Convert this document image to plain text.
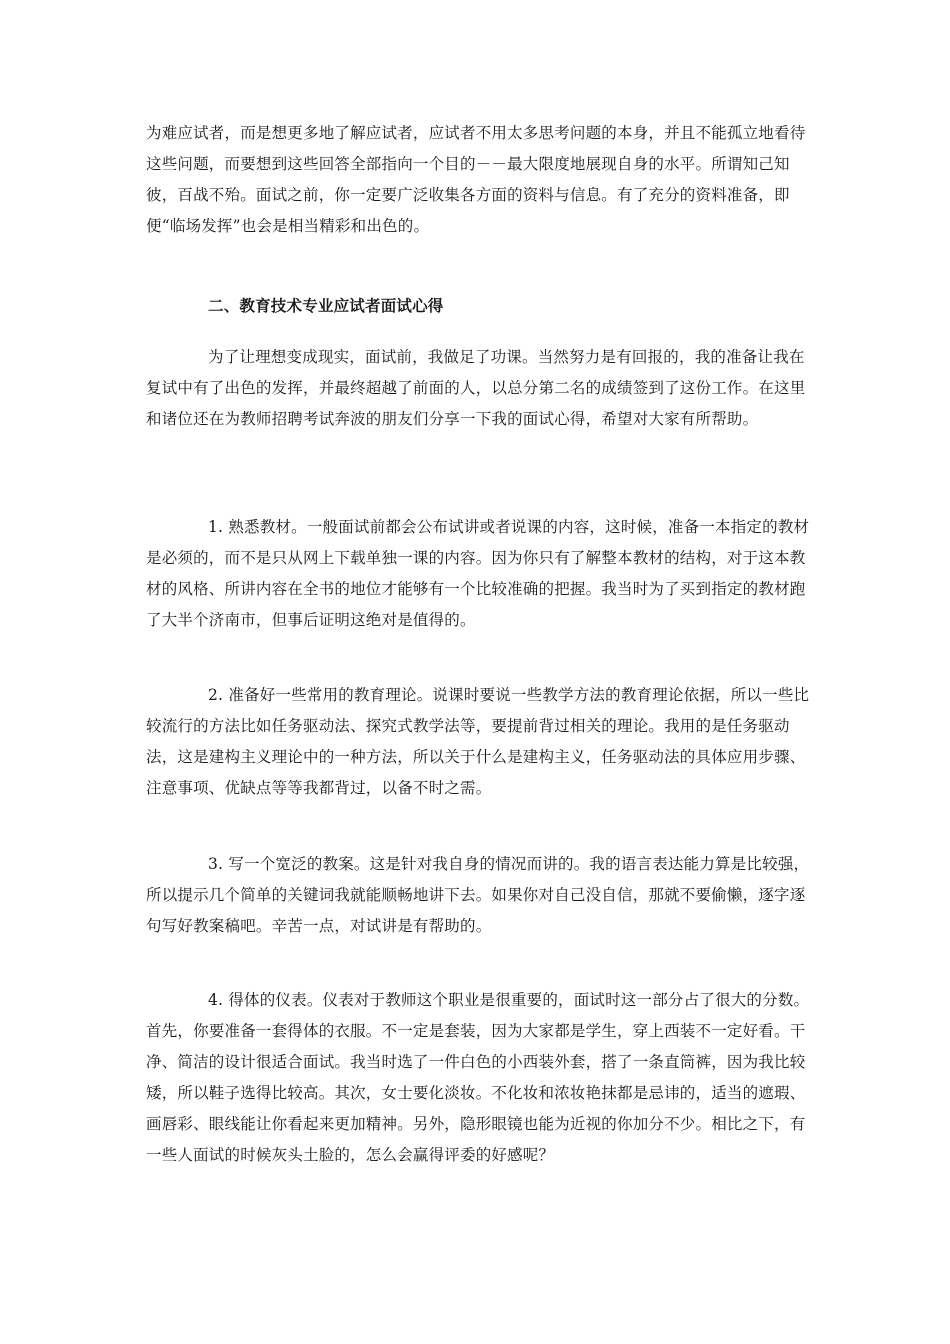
为难应试者，而是想更多地了解应试者，应试者不用太多思考问题的本身，并且不能孤立地看待这些问题，而要想到这些回答全部指向一个目的－－最大限度地展现自身的水平。所谓知己知彼，百战不殆。面试之前，你一定要广泛收集各方面的资料与信息。有了充分的资料准备，即便“临场发挥”也会是相当精彩和出色的。

二、教育技术专业应试者面试心得

为了让理想变成现实，面试前，我做足了功课。当然努力是有回报的，我的准备让我在复试中有了出色的发挥，并最终超越了前面的人，以总分第二名的成绩签到了这份工作。在这里和诸位还在为教师招聘考试奔波的朋友们分享一下我的面试心得，希望对大家有所帮助。

1. 熟悉教材。一般面试前都会公布试讲或者说课的内容，这时候，准备一本指定的教材是必须的，而不是只从网上下载单独一课的内容。因为你只有了解整本教材的结构，对于这本教材的风格、所讲内容在全书的地位才能够有一个比较准确的把握。我当时为了买到指定的教材跑了大半个济南市，但事后证明这绝对是值得的。

2. 准备好一些常用的教育理论。说课时要说一些教学方法的教育理论依据，所以一些比较流行的方法比如任务驱动法、探究式教学法等，要提前背过相关的理论。我用的是任务驱动法，这是建构主义理论中的一种方法，所以关于什么是建构主义，任务驱动法的具体应用步骤、注意事项、优缺点等等我都背过，以备不时之需。

3. 写一个宽泛的教案。这是针对我自身的情况而讲的。我的语言表达能力算是比较强，所以提示几个简单的关键词我就能顺畅地讲下去。如果你对自己没自信，那就不要偷懒，逐字逐句写好教案稿吧。辛苦一点，对试讲是有帮助的。

4. 得体的仪表。仪表对于教师这个职业是很重要的，面试时这一部分占了很大的分数。首先，你要准备一套得体的衣服。不一定是套装，因为大家都是学生，穿上西装不一定好看。干净、简洁的设计很适合面试。我当时选了一件白色的小西装外套，搭了一条直筒裤，因为我比较矮，所以鞋子选得比较高。其次，女士要化淡妆。不化妆和浓妆艳抹都是忌讳的，适当的遮瑕、画唇彩、眼线能让你看起来更加精神。另外，隐形眼镜也能为近视的你加分不少。相比之下，有一些人面试的时候灰头土脸的，怎么会赢得评委的好感呢？
